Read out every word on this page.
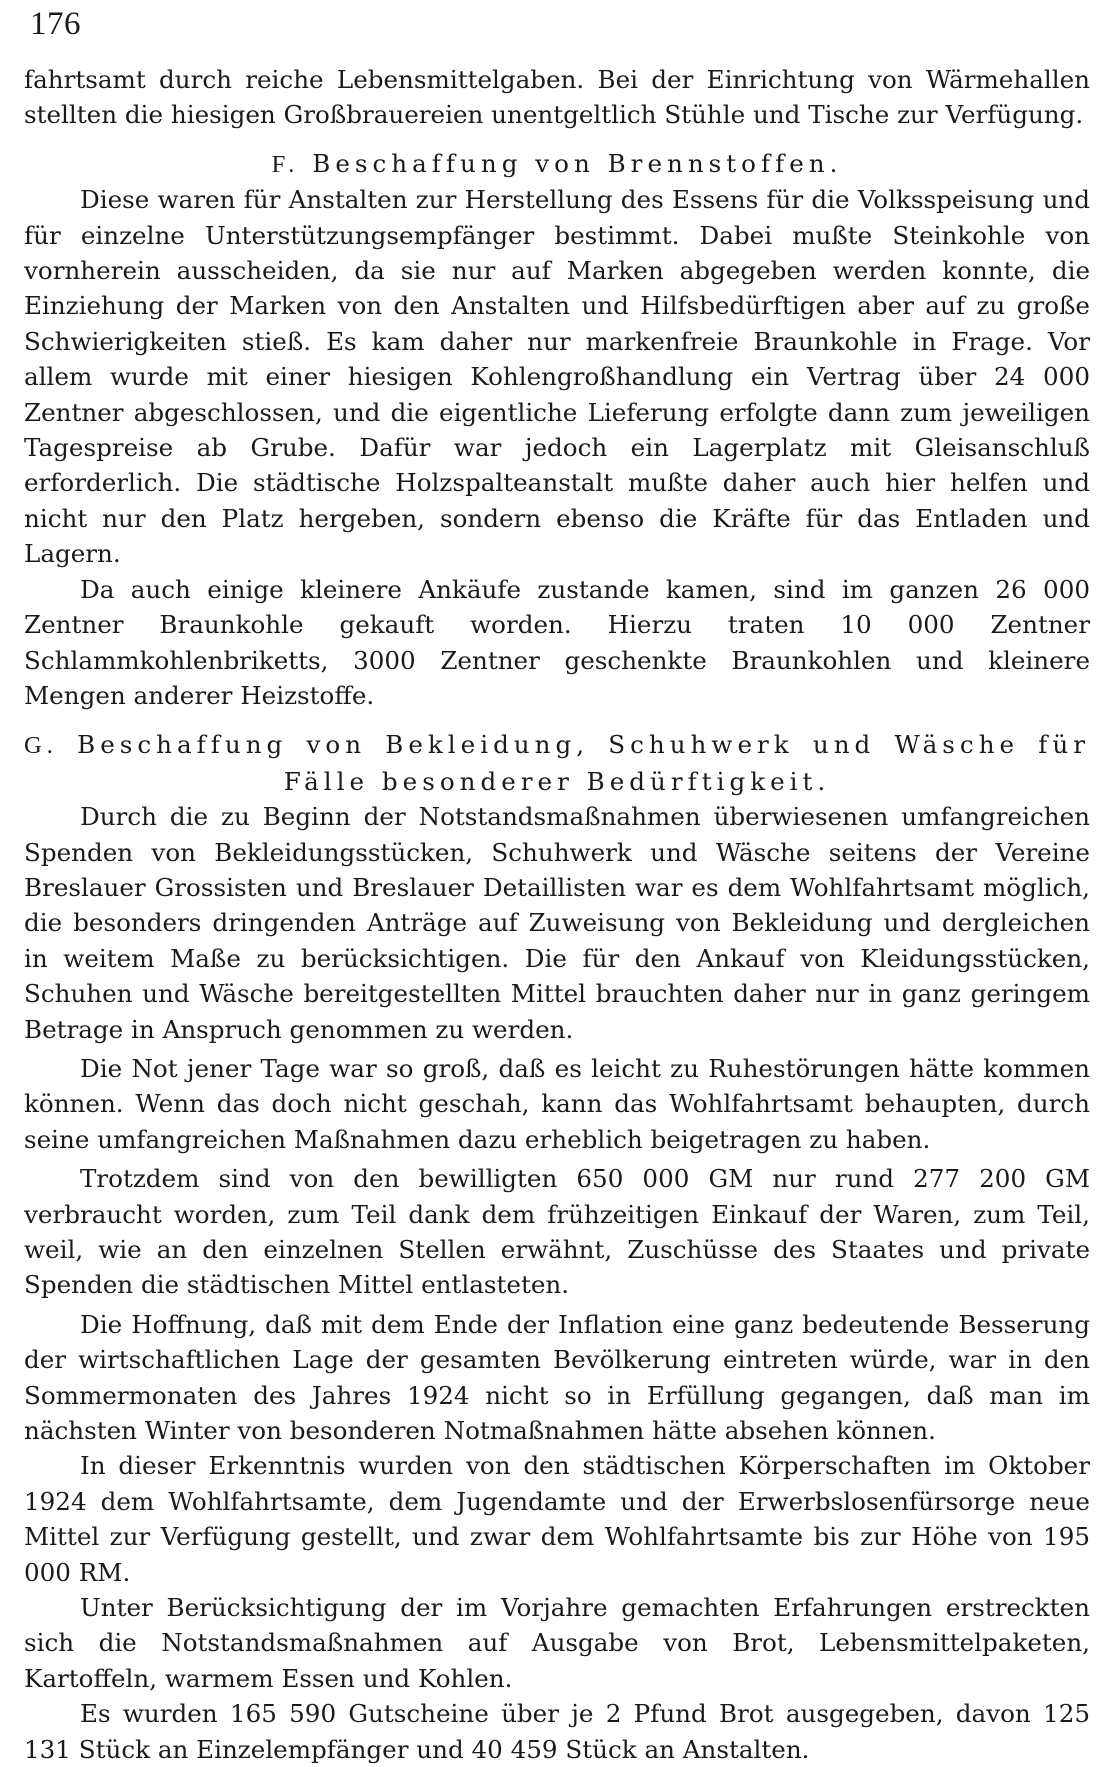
176

fahrtsamt durch reiche Lebensmittelgaben. Bei der Einrichtung von Wärmehallen stellten die hiesigen Großbrauereien unentgeltlich Stühle und Tische zur Verfügung.

F. Beschaffung von Brennstoffen.

Diese waren für Anstalten zur Herstellung des Essens für die Volksspeisung und für einzelne Unterstützungsempfänger bestimmt. Dabei mußte Steinkohle von vornherein ausscheiden, da sie nur auf Marken abgegeben werden konnte, die Einziehung der Marken von den Anstalten und Hilfsbedürftigen aber auf zu große Schwierigkeiten stieß. Es kam daher nur markenfreie Braunkohle in Frage. Vor allem wurde mit einer hiesigen Kohlengroßhandlung ein Vertrag über 24 000 Zentner abgeschlossen, und die eigentliche Lieferung erfolgte dann zum jeweiligen Tagespreise ab Grube. Dafür war jedoch ein Lagerplatz mit Gleisanschluß erforderlich. Die städtische Holzspalteanstalt mußte daher auch hier helfen und nicht nur den Platz hergeben, sondern ebenso die Kräfte für das Entladen und Lagern.

Da auch einige kleinere Ankäufe zustande kamen, sind im ganzen 26 000 Zentner Braunkohle gekauft worden. Hierzu traten 10 000 Zentner Schlammkohlenbriketts, 3000 Zentner geschenkte Braunkohlen und kleinere Mengen anderer Heizstoffe.

G. Beschaffung von Bekleidung, Schuhwerk und Wäsche für Fälle besonderer Bedürftigkeit.

Durch die zu Beginn der Notstandsmaßnahmen überwiesenen umfangreichen Spenden von Bekleidungsstücken, Schuhwerk und Wäsche seitens der Vereine Breslauer Grossisten und Breslauer Detaillisten war es dem Wohlfahrtsamt möglich, die besonders dringenden Anträge auf Zuweisung von Bekleidung und dergleichen in weitem Maße zu berücksichtigen. Die für den Ankauf von Kleidungsstücken, Schuhen und Wäsche bereitgestellten Mittel brauchten daher nur in ganz geringem Betrage in Anspruch genommen zu werden.

Die Not jener Tage war so groß, daß es leicht zu Ruhestörungen hätte kommen können. Wenn das doch nicht geschah, kann das Wohlfahrtsamt behaupten, durch seine umfangreichen Maßnahmen dazu erheblich beigetragen zu haben.

Trotzdem sind von den bewilligten 650 000 GM nur rund 277 200 GM verbraucht worden, zum Teil dank dem frühzeitigen Einkauf der Waren, zum Teil, weil, wie an den einzelnen Stellen erwähnt, Zuschüsse des Staates und private Spenden die städtischen Mittel entlasteten.

Die Hoffnung, daß mit dem Ende der Inflation eine ganz bedeutende Besserung der wirtschaftlichen Lage der gesamten Bevölkerung eintreten würde, war in den Sommermonaten des Jahres 1924 nicht so in Erfüllung gegangen, daß man im nächsten Winter von besonderen Notmaßnahmen hätte absehen können.

In dieser Erkenntnis wurden von den städtischen Körperschaften im Oktober 1924 dem Wohlfahrtsamte, dem Jugendamte und der Erwerbslosenfürsorge neue Mittel zur Verfügung gestellt, und zwar dem Wohlfahrtsamte bis zur Höhe von 195 000 RM.

Unter Berücksichtigung der im Vorjahre gemachten Erfahrungen erstreckten sich die Notstandsmaßnahmen auf Ausgabe von Brot, Lebensmittelpaketen, Kartoffeln, warmem Essen und Kohlen.

Es wurden 165 590 Gutscheine über je 2 Pfund Brot ausgegeben, davon 125 131 Stück an Einzelempfänger und 40 459 Stück an Anstalten.
